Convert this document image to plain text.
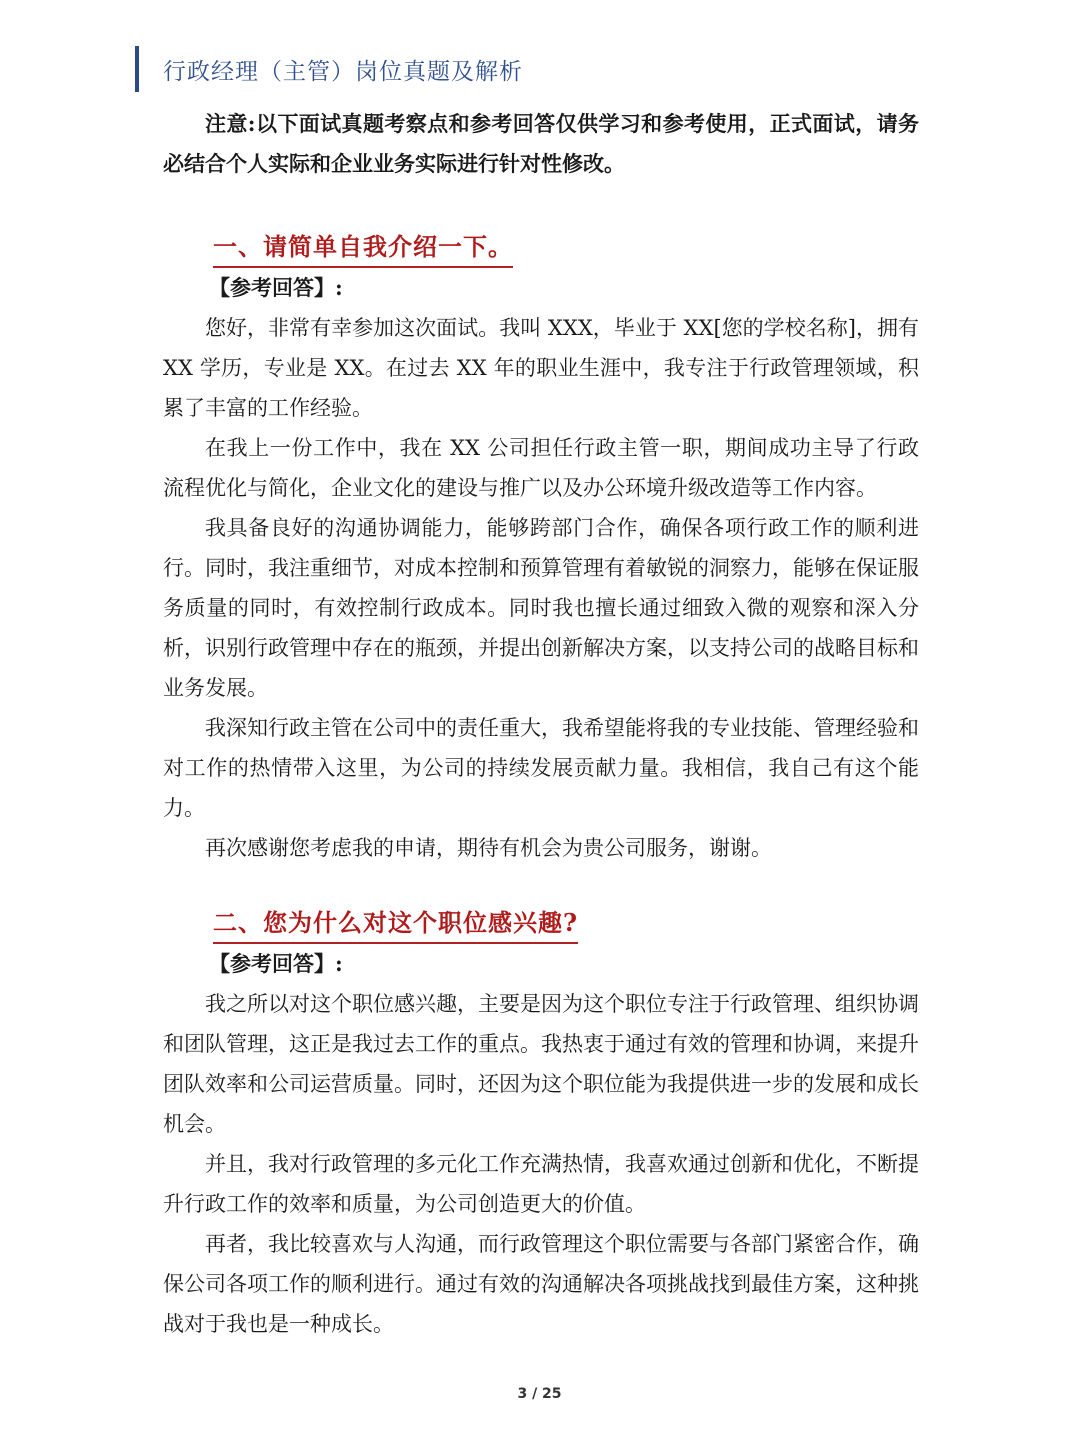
行政经理（主管）岗位真题及解析

注意:以下面试真题考察点和参考回答仅供学习和参考使用，正式面试，请务必结合个人实际和企业业务实际进行针对性修改。

一、请简单自我介绍一下。

【参考回答】:

您好，非常有幸参加这次面试。我叫 XXX，毕业于 XX[您的学校名称]，拥有 XX 学历，专业是 XX。在过去 XX 年的职业生涯中，我专注于行政管理领域，积累了丰富的工作经验。

在我上一份工作中，我在 XX 公司担任行政主管一职，期间成功主导了行政流程优化与简化，企业文化的建设与推广以及办公环境升级改造等工作内容。

我具备良好的沟通协调能力，能够跨部门合作，确保各项行政工作的顺利进行。同时，我注重细节，对成本控制和预算管理有着敏锐的洞察力，能够在保证服务质量的同时，有效控制行政成本。同时我也擅长通过细致入微的观察和深入分析，识别行政管理中存在的瓶颈，并提出创新解决方案，以支持公司的战略目标和业务发展。

我深知行政主管在公司中的责任重大，我希望能将我的专业技能、管理经验和对工作的热情带入这里，为公司的持续发展贡献力量。我相信，我自己有这个能力。

再次感谢您考虑我的申请，期待有机会为贵公司服务，谢谢。

二、您为什么对这个职位感兴趣?

【参考回答】:

我之所以对这个职位感兴趣，主要是因为这个职位专注于行政管理、组织协调和团队管理，这正是我过去工作的重点。我热衷于通过有效的管理和协调，来提升团队效率和公司运营质量。同时，还因为这个职位能为我提供进一步的发展和成长机会。

并且，我对行政管理的多元化工作充满热情，我喜欢通过创新和优化，不断提升行政工作的效率和质量，为公司创造更大的价值。

再者，我比较喜欢与人沟通，而行政管理这个职位需要与各部门紧密合作，确保公司各项工作的顺利进行。通过有效的沟通解决各项挑战找到最佳方案，这种挑战对于我也是一种成长。

3 / 25
